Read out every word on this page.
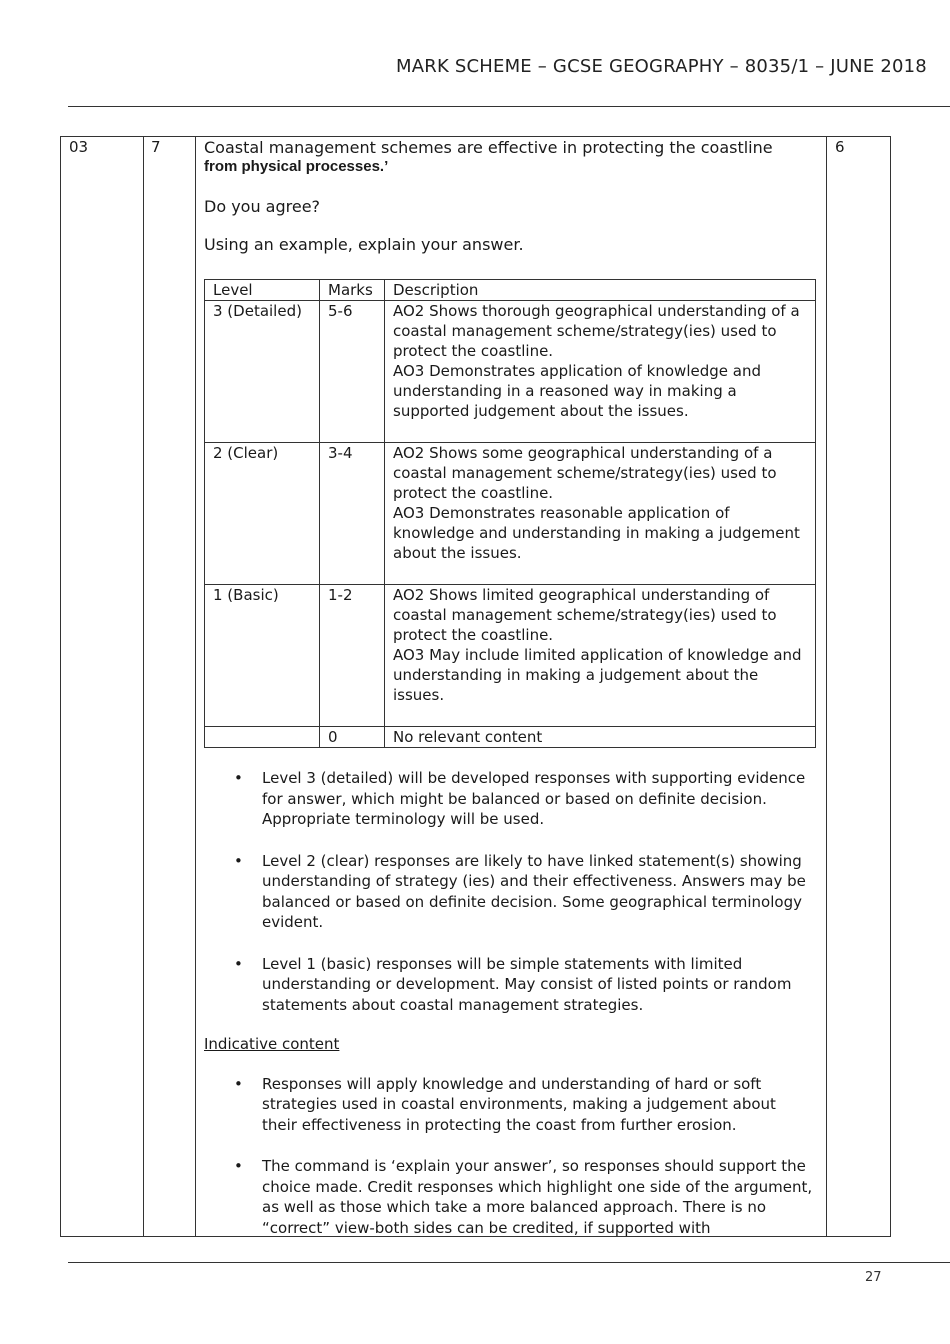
MARK SCHEME – GCSE GEOGRAPHY – 8035/1 – JUNE 2018
03	7	6

Coastal management schemes are effective in protecting the coastline

from physical processes.’

Do you agree?

Using an example, explain your answer.

Level	Marks	Description
3 (Detailed)	5-6	AO2 Shows thorough geographical understanding of a coastal management scheme/strategy(ies) used to protect the coastline.
AO3 Demonstrates application of knowledge and understanding in a reasoned way in making a supported judgement about the issues.
2 (Clear)	3-4	AO2 Shows some geographical understanding of a coastal management scheme/strategy(ies) used to protect the coastline.
AO3 Demonstrates reasonable application of knowledge and understanding in making a judgement about the issues.
1 (Basic)	1-2	AO2 Shows limited geographical understanding of coastal management scheme/strategy(ies) used to protect the coastline.
AO3 May include limited application of knowledge and understanding in making a judgement about the issues.
	0	No relevant content

• Level 3 (detailed) will be developed responses with supporting evidence for answer, which might be balanced or based on definite decision. Appropriate terminology will be used.

• Level 2 (clear) responses are likely to have linked statement(s) showing understanding of strategy (ies) and their effectiveness. Answers may be balanced or based on definite decision. Some geographical terminology evident.

• Level 1 (basic) responses will be simple statements with limited understanding or development. May consist of listed points or random statements about coastal management strategies.

Indicative content

• Responses will apply knowledge and understanding of hard or soft strategies used in coastal environments, making a judgement about their effectiveness in protecting the coast from further erosion.

• The command is ‘explain your answer’, so responses should support the choice made. Credit responses which highlight one side of the argument, as well as those which take a more balanced approach. There is no “correct” view-both sides can be credited, if supported with

27
